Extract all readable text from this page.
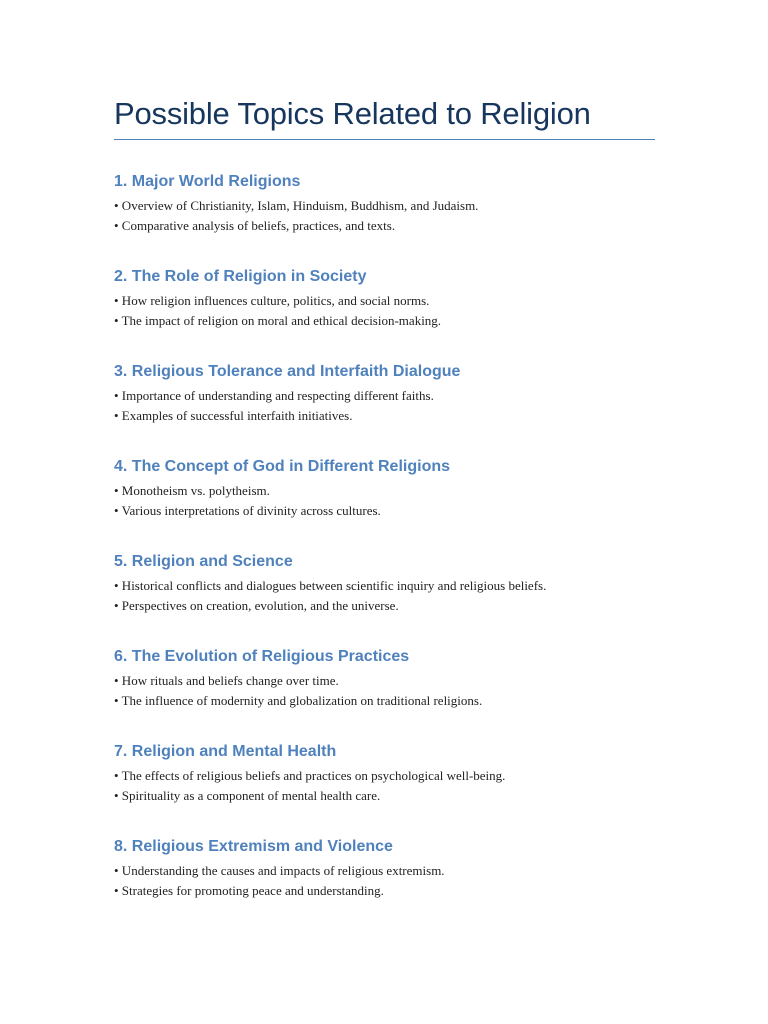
Possible Topics Related to Religion
1. Major World Religions
• Overview of Christianity, Islam, Hinduism, Buddhism, and Judaism.
• Comparative analysis of beliefs, practices, and texts.
2. The Role of Religion in Society
• How religion influences culture, politics, and social norms.
• The impact of religion on moral and ethical decision-making.
3. Religious Tolerance and Interfaith Dialogue
• Importance of understanding and respecting different faiths.
• Examples of successful interfaith initiatives.
4. The Concept of God in Different Religions
• Monotheism vs. polytheism.
• Various interpretations of divinity across cultures.
5. Religion and Science
• Historical conflicts and dialogues between scientific inquiry and religious beliefs.
• Perspectives on creation, evolution, and the universe.
6. The Evolution of Religious Practices
• How rituals and beliefs change over time.
• The influence of modernity and globalization on traditional religions.
7. Religion and Mental Health
• The effects of religious beliefs and practices on psychological well-being.
• Spirituality as a component of mental health care.
8. Religious Extremism and Violence
• Understanding the causes and impacts of religious extremism.
• Strategies for promoting peace and understanding.
